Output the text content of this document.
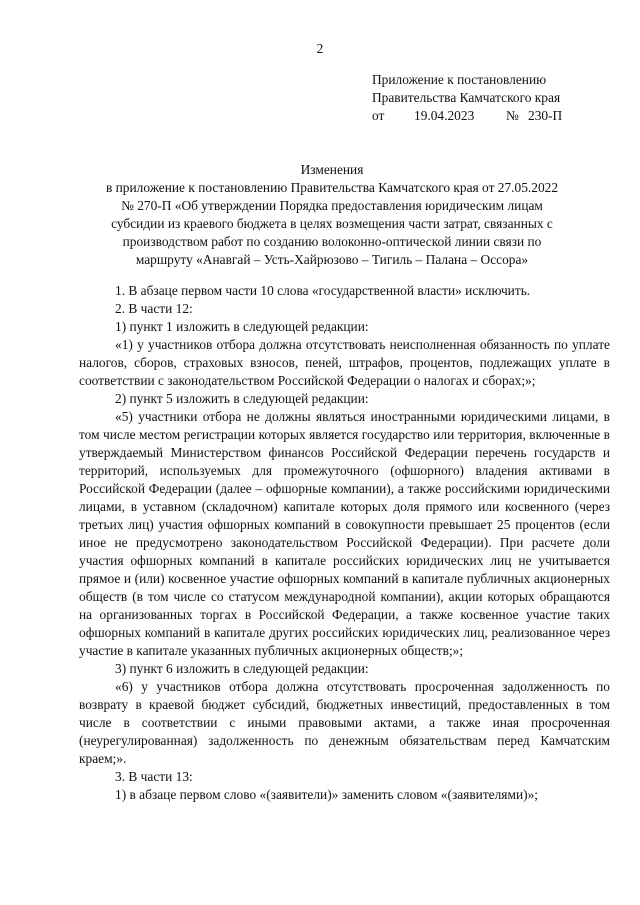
2
Приложение к постановлению
Правительства Камчатского края
от 19.04.2023 № 230-П
Изменения
в приложение к постановлению Правительства Камчатского края от 27.05.2022
№ 270-П «Об утверждении Порядка предоставления юридическим лицам
субсидии из краевого бюджета в целях возмещения части затрат, связанных с
производством работ по созданию волоконно-оптической линии связи по
маршруту «Анавгай – Усть-Хайрюзово – Тигиль – Палана – Оссора»

1. В абзаце первом части 10 слова «государственной власти» исключить.

2. В части 12:

1) пункт 1 изложить в следующей редакции:

«1) у участников отбора должна отсутствовать неисполненная обязанность по уплате налогов, сборов, страховых взносов, пеней, штрафов, процентов, подлежащих уплате в соответствии с законодательством Российской Федерации о налогах и сборах;»;

2) пункт 5 изложить в следующей редакции:

«5) участники отбора не должны являться иностранными юридическими лицами, в том числе местом регистрации которых является государство или территория, включенные в утверждаемый Министерством финансов Российской Федерации перечень государств и территорий, используемых для промежуточного (офшорного) владения активами в Российской Федерации (далее – офшорные компании), а также российскими юридическими лицами, в уставном (складочном) капитале которых доля прямого или косвенного (через третьих лиц) участия офшорных компаний в совокупности превышает 25 процентов (если иное не предусмотрено законодательством Российской Федерации). При расчете доли участия офшорных компаний в капитале российских юридических лиц не учитывается прямое и (или) косвенное участие офшорных компаний в капитале публичных акционерных обществ (в том числе со статусом международной компании), акции которых обращаются на организованных торгах в Российской Федерации, а также косвенное участие таких офшорных компаний в капитале других российских юридических лиц, реализованное через участие в капитале указанных публичных акционерных обществ;»;

3) пункт 6 изложить в следующей редакции:

«6) у участников отбора должна отсутствовать просроченная задолженность по возврату в краевой бюджет субсидий, бюджетных инвестиций, предоставленных в том числе в соответствии с иными правовыми актами, а также иная просроченная (неурегулированная) задолженность по денежным обязательствам перед Камчатским краем;».

3. В части 13:

1) в абзаце первом слово «(заявители)» заменить словом «(заявителями)»;
